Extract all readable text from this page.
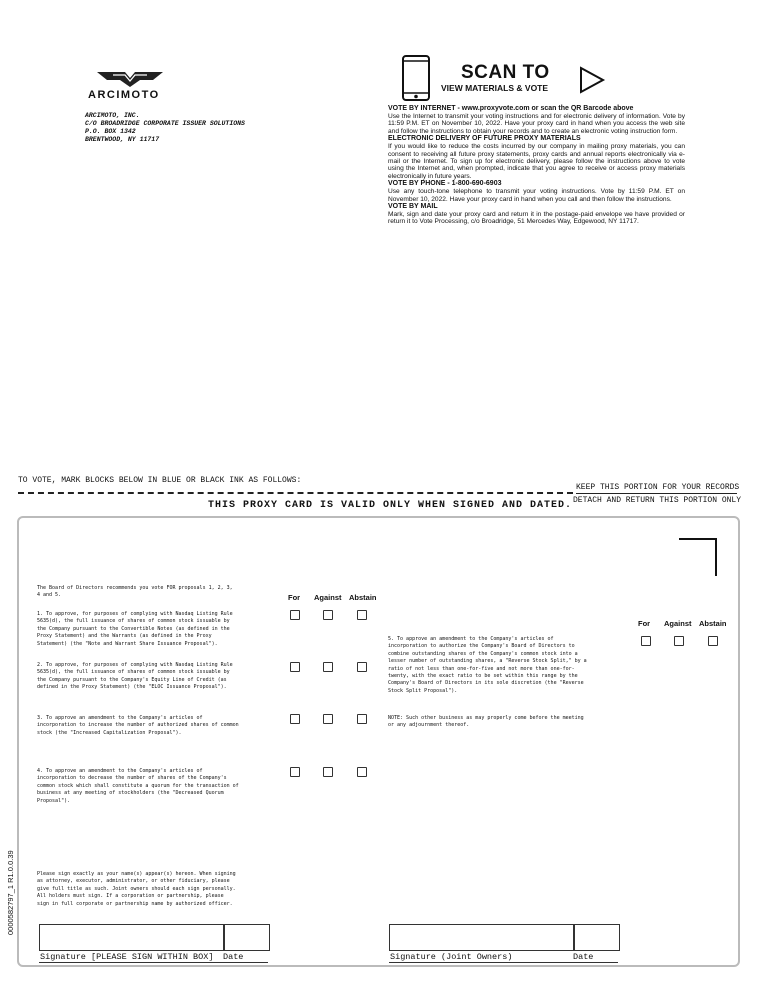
ARCIMOTO
ARCIMOTO, INC.
C/O BROADRIDGE CORPORATE ISSUER SOLUTIONS
P.O. BOX 1342
BRENTWOOD, NY 11717
SCAN TO
VIEW MATERIALS & VOTE
VOTE BY INTERNET - www.proxyvote.com or scan the QR Barcode above
Use the Internet to transmit your voting instructions and for electronic delivery of information. Vote by 11:59 P.M. ET on November 10, 2022. Have your proxy card in hand when you access the web site and follow the instructions to obtain your records and to create an electronic voting instruction form.
ELECTRONIC DELIVERY OF FUTURE PROXY MATERIALS
If you would like to reduce the costs incurred by our company in mailing proxy materials, you can consent to receiving all future proxy statements, proxy cards and annual reports electronically via e-mail or the Internet. To sign up for electronic delivery, please follow the instructions above to vote using the Internet and, when prompted, indicate that you agree to receive or access proxy materials electronically in future years.
VOTE BY PHONE - 1-800-690-6903
Use any touch-tone telephone to transmit your voting instructions. Vote by 11:59 P.M. ET on November 10, 2022. Have your proxy card in hand when you call and then follow the instructions.
VOTE BY MAIL
Mark, sign and date your proxy card and return it in the postage-paid envelope we have provided or return it to Vote Processing, c/o Broadridge, 51 Mercedes Way, Edgewood, NY 11717.
TO VOTE, MARK BLOCKS BELOW IN BLUE OR BLACK INK AS FOLLOWS:
KEEP THIS PORTION FOR YOUR RECORDS
DETACH AND RETURN THIS PORTION ONLY
THIS PROXY CARD IS VALID ONLY WHEN SIGNED AND DATED.
The Board of Directors recommends you vote FOR proposals 1, 2, 3, 4 and 5.	For Against Abstain
1. To approve, for purposes of complying with Nasdaq Listing Rule 5635(d), the full issuance of shares of common stock issuable by the Company pursuant to the Convertible Notes (as defined in the Proxy Statement) and the Warrants (as defined in the Proxy Statement) (the "Note and Warrant Share Issuance Proposal").
2. To approve, for purposes of complying with Nasdaq Listing Rule 5635(d), the full issuance of shares of common stock issuable by the Company pursuant to the Company's Equity Line of Credit (as defined in the Proxy Statement) (the "ELOC Issuance Proposal").
3. To approve an amendment to the Company's articles of incorporation to increase the number of authorized shares of common stock (the "Increased Capitalization Proposal").
4. To approve an amendment to the Company's articles of incorporation to decrease the number of shares of the Company's common stock which shall constitute a quorum for the transaction of business at any meeting of stockholders (the "Decreased Quorum Proposal").
For Against Abstain
5. To approve an amendment to the Company's articles of incorporation to authorize the Company's Board of Directors to combine outstanding shares of the Company's common stock into a lesser number of outstanding shares, a "Reverse Stock Split," by a ratio of not less than one-for-five and not more than one-for-twenty, with the exact ratio to be set within this range by the Company's Board of Directors in its sole discretion (the "Reverse Stock Split Proposal").
NOTE: Such other business as may properly come before the meeting or any adjournment thereof.
Please sign exactly as your name(s) appear(s) hereon. When signing as attorney, executor, administrator, or other fiduciary, please give full title as such. Joint owners should each sign personally. All holders must sign. If a corporation or partnership, please sign in full corporate or partnership name by authorized officer.
Signature [PLEASE SIGN WITHIN BOX] Date	Signature (Joint Owners)	Date
0000582797_1 R1.0.0.39
